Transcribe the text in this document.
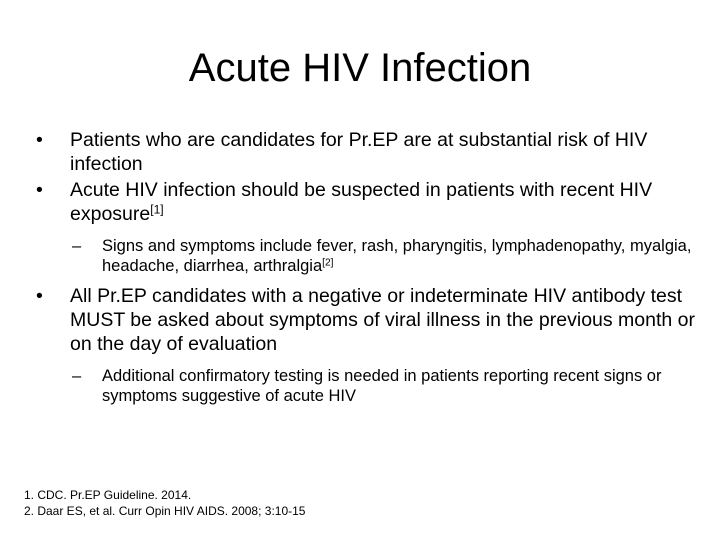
Acute HIV Infection
• Patients who are candidates for Pr.EP are at substantial risk of HIV infection
• Acute HIV infection should be suspected in patients with recent HIV exposure[1]
– Signs and symptoms include fever, rash, pharyngitis, lymphadenopathy, myalgia, headache, diarrhea, arthralgia[2]
• All Pr.EP candidates with a negative or indeterminate HIV antibody test MUST be asked about symptoms of viral illness in the previous month or on the day of evaluation
– Additional confirmatory testing is needed in patients reporting recent signs or symptoms suggestive of acute HIV
1. CDC. Pr.EP Guideline. 2014.
2. Daar ES, et al. Curr Opin HIV AIDS. 2008; 3:10-15
